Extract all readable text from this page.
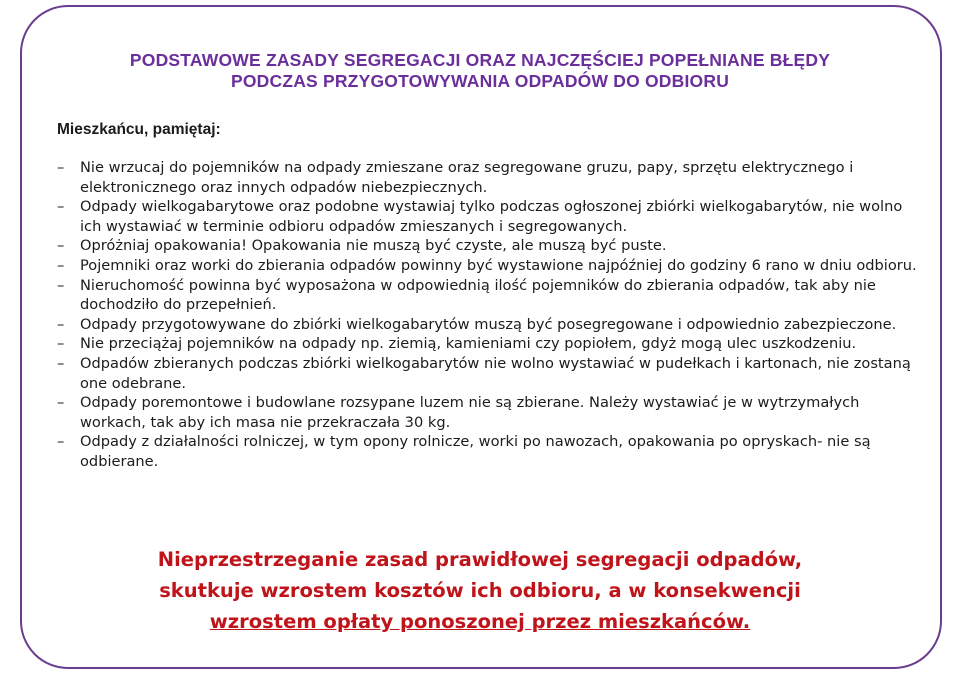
PODSTAWOWE ZASADY SEGREGACJI ORAZ NAJCZĘŚCIEJ POPEŁNIANE BŁĘDY
PODCZAS PRZYGOTOWYWANIA ODPADÓW DO ODBIORU
Mieszkańcu, pamiętaj:
– Nie wrzucaj do pojemników na odpady zmieszane oraz segregowane gruzu, papy, sprzętu elektrycznego i elektronicznego oraz innych odpadów niebezpiecznych.
– Odpady wielkogabarytowe oraz podobne wystawiaj tylko podczas ogłoszonej zbiórki wielkogabarytów, nie wolno ich wystawiać w terminie odbioru odpadów zmieszanych i segregowanych.
– Opróżniaj opakowania! Opakowania nie muszą być czyste, ale muszą być puste.
– Pojemniki oraz worki do zbierania odpadów powinny być wystawione najpóźniej do godziny 6 rano w dniu odbioru.
– Nieruchomość powinna być wyposażona w odpowiednią ilość pojemników do zbierania odpadów, tak aby nie dochodziło do przepełnień.
– Odpady przygotowywane do zbiórki wielkogabarytów muszą być posegregowane i odpowiednio zabezpieczone.
– Nie przeciążaj pojemników na odpady np. ziemią, kamieniami czy popiołem, gdyż mogą ulec uszkodzeniu.
– Odpadów zbieranych podczas zbiórki wielkogabarytów nie wolno wystawiać w pudełkach i kartonach, nie zostaną one odebrane.
– Odpady poremontowe i budowlane rozsypane luzem nie są zbierane. Należy wystawiać je w wytrzymałych workach, tak aby ich masa nie przekraczała 30 kg.
– Odpady z działalności rolniczej, w tym opony rolnicze, worki po nawozach, opakowania po opryskach- nie są odbierane.
Nieprzestrzeganie zasad prawidłowej segregacji odpadów,
skutkuje wzrostem kosztów ich odbioru, a w konsekwencji
wzrostem opłaty ponoszonej przez mieszkańców.
